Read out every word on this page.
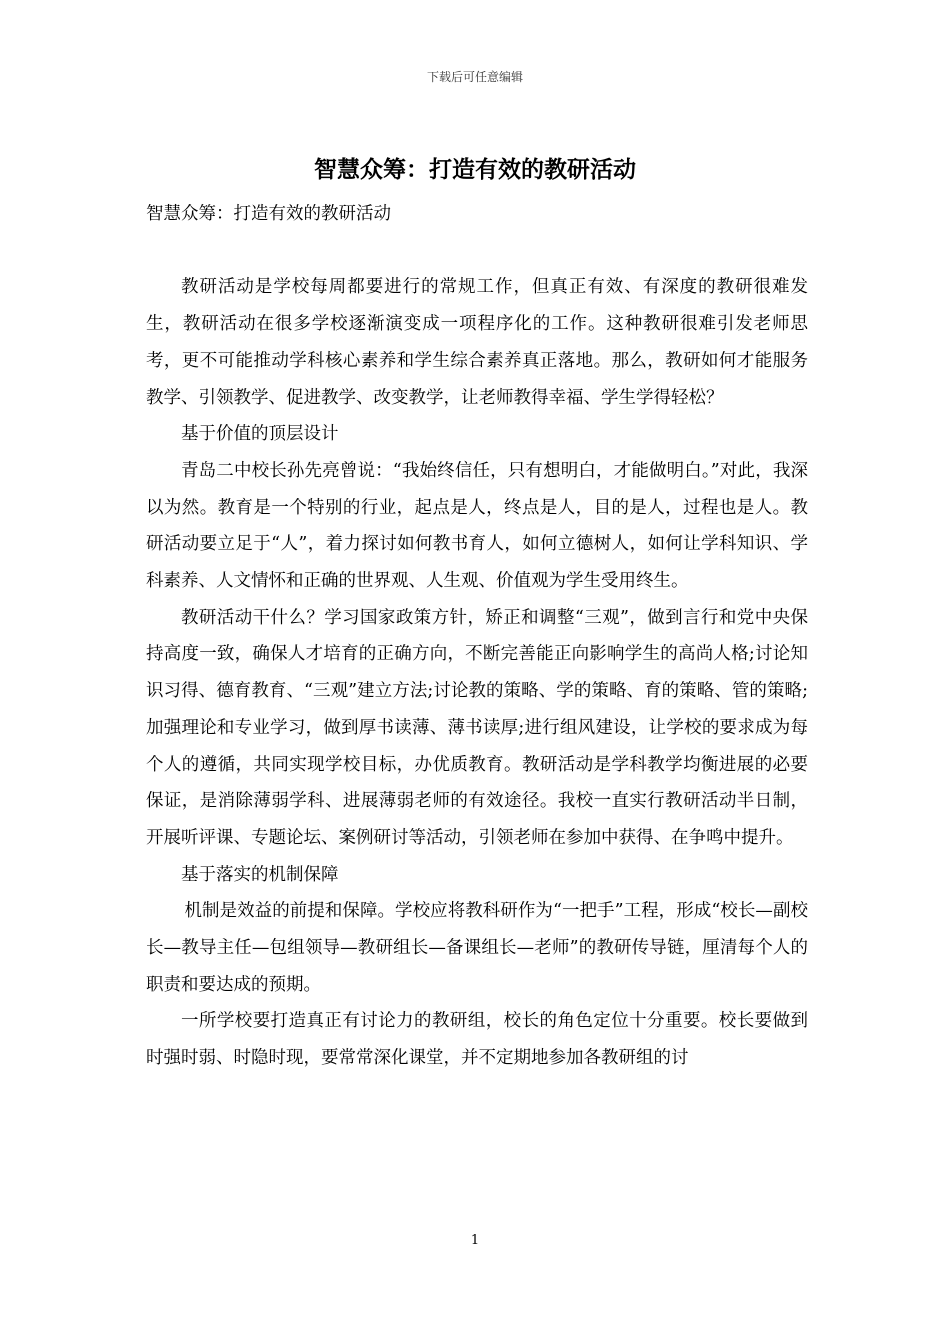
下载后可任意编辑
智慧众筹：打造有效的教研活动

智慧众筹：打造有效的教研活动

教研活动是学校每周都要进行的常规工作，但真正有效、有深度的教研很难发生，教研活动在很多学校逐渐演变成一项程序化的工作。这种教研很难引发老师思考，更不可能推动学科核心素养和学生综合素养真正落地。那么，教研如何才能服务教学、引领教学、促进教学、改变教学，让老师教得幸福、学生学得轻松？

基于价值的顶层设计

青岛二中校长孙先亮曾说：“我始终信任，只有想明白，才能做明白。”对此，我深以为然。教育是一个特别的行业，起点是人，终点是人，目的是人，过程也是人。教研活动要立足于“人”，着力探讨如何教书育人，如何立德树人，如何让学科知识、学科素养、人文情怀和正确的世界观、人生观、价值观为学生受用终生。

教研活动干什么？学习国家政策方针，矫正和调整“三观”，做到言行和党中央保持高度一致，确保人才培育的正确方向，不断完善能正向影响学生的高尚人格;讨论知识习得、德育教育、“三观”建立方法;讨论教的策略、学的策略、育的策略、管的策略;加强理论和专业学习，做到厚书读薄、薄书读厚;进行组风建设，让学校的要求成为每个人的遵循，共同实现学校目标，办优质教育。教研活动是学科教学均衡进展的必要保证，是消除薄弱学科、进展薄弱老师的有效途径。我校一直实行教研活动半日制，开展听评课、专题论坛、案例研讨等活动，引领老师在参加中获得、在争鸣中提升。

基于落实的机制保障

机制是效益的前提和保障。学校应将教科研作为“一把手”工程，形成“校长—副校长—教导主任—包组领导—教研组长—备课组长—老师”的教研传导链，厘清每个人的职责和要达成的预期。

一所学校要打造真正有讨论力的教研组，校长的角色定位十分重要。校长要做到时强时弱、时隐时现，要常常深化课堂，并不定期地参加各教研组的讨

1
